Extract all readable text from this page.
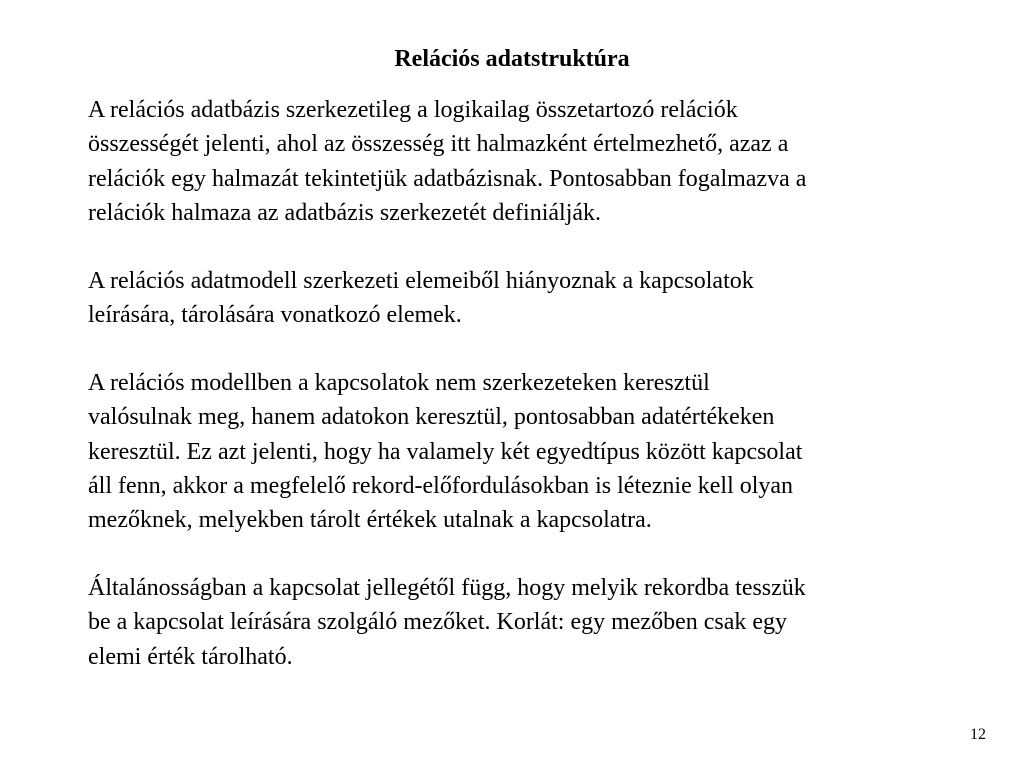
Relációs adatstruktúra

A relációs adatbázis szerkezetileg a logikailag összetartozó relációk
összességét jelenti, ahol az összesség itt halmazként értelmezhető, azaz a
relációk egy halmazát tekintetjük adatbázisnak. Pontosabban fogalmazva a
relációk halmaza az adatbázis szerkezetét definiálják.

A relációs adatmodell szerkezeti elemeiből hiányoznak a kapcsolatok
leírására, tárolására vonatkozó elemek.

A relációs modellben a kapcsolatok nem szerkezeteken keresztül
valósulnak meg, hanem adatokon keresztül, pontosabban adatértékeken
keresztül. Ez azt jelenti, hogy ha valamely két egyedtípus között kapcsolat
áll fenn, akkor a megfelelő rekord-előfordulásokban is léteznie kell olyan
mezőknek, melyekben tárolt értékek utalnak a kapcsolatra.

Általánosságban a kapcsolat jellegétől függ, hogy melyik rekordba tesszük
be a kapcsolat leírására szolgáló mezőket. Korlát: egy mezőben csak egy
elemi érték tárolható.

12
